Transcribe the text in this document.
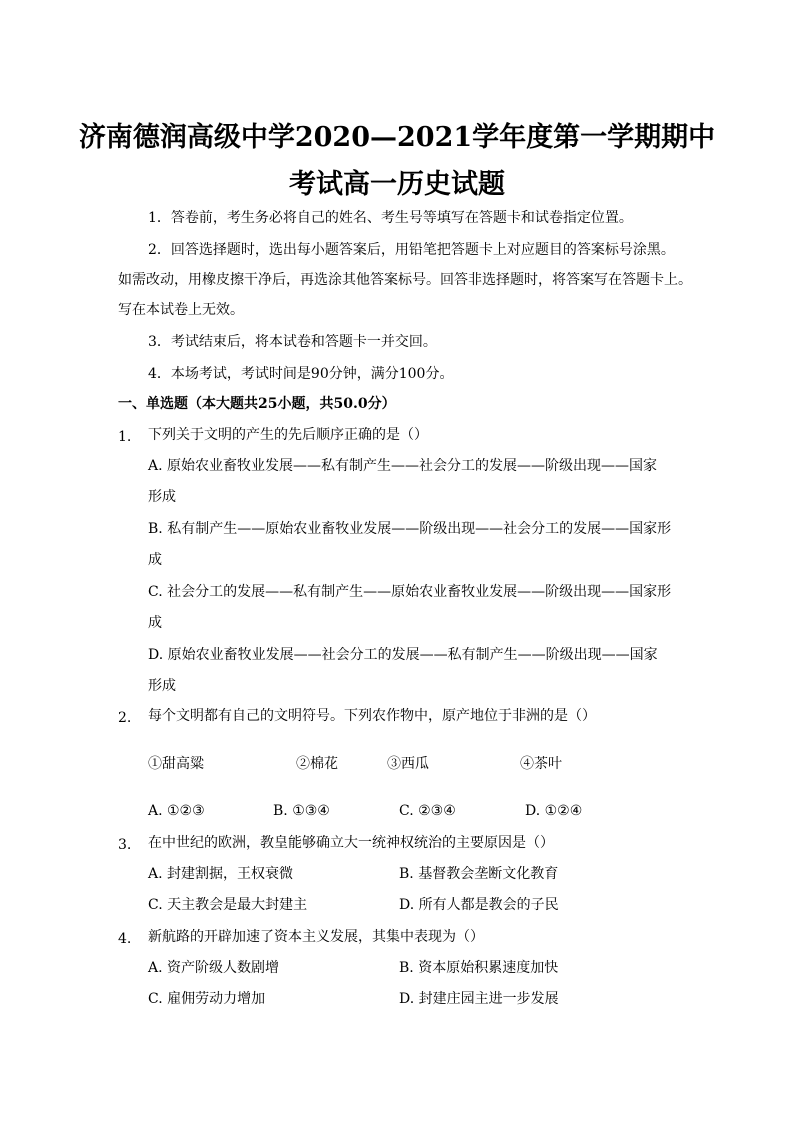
济南德润高级中学2020—2021学年度第一学期期中
考试高一历史试题
1．答卷前，考生务必将自己的姓名、考生号等填写在答题卡和试卷指定位置。
2．回答选择题时，选出每小题答案后，用铅笔把答题卡上对应题目的答案标号涂黑。
如需改动，用橡皮擦干净后，再选涂其他答案标号。回答非选择题时，将答案写在答题卡上。
写在本试卷上无效。
3．考试结束后，将本试卷和答题卡一并交回。
4．本场考试，考试时间是90分钟，满分100分。
一、单选题（本大题共25小题，共50.0分）
1. 下列关于文明的产生的先后顺序正确的是（）
A. 原始农业畜牧业发展——私有制产生——社会分工的发展——阶级出现——国家
形成
B. 私有制产生——原始农业畜牧业发展——阶级出现——社会分工的发展——国家形
成
C. 社会分工的发展——私有制产生——原始农业畜牧业发展——阶级出现——国家形
成
D. 原始农业畜牧业发展——社会分工的发展——私有制产生——阶级出现——国家
形成
2. 每个文明都有自己的文明符号。下列农作物中，原产地位于非洲的是（）
①甜高粱	②棉花	③西瓜	④茶叶
A. ①②③	B. ①③④	C. ②③④	D. ①②④
3. 在中世纪的欧洲，教皇能够确立大一统神权统治的主要原因是（）
A. 封建割据，王权衰微	B. 基督教会垄断文化教育
C. 天主教会是最大封建主	D. 所有人都是教会的子民
4. 新航路的开辟加速了资本主义发展，其集中表现为（）
A. 资产阶级人数剧增	B. 资本原始积累速度加快
C. 雇佣劳动力增加	D. 封建庄园主进一步发展
